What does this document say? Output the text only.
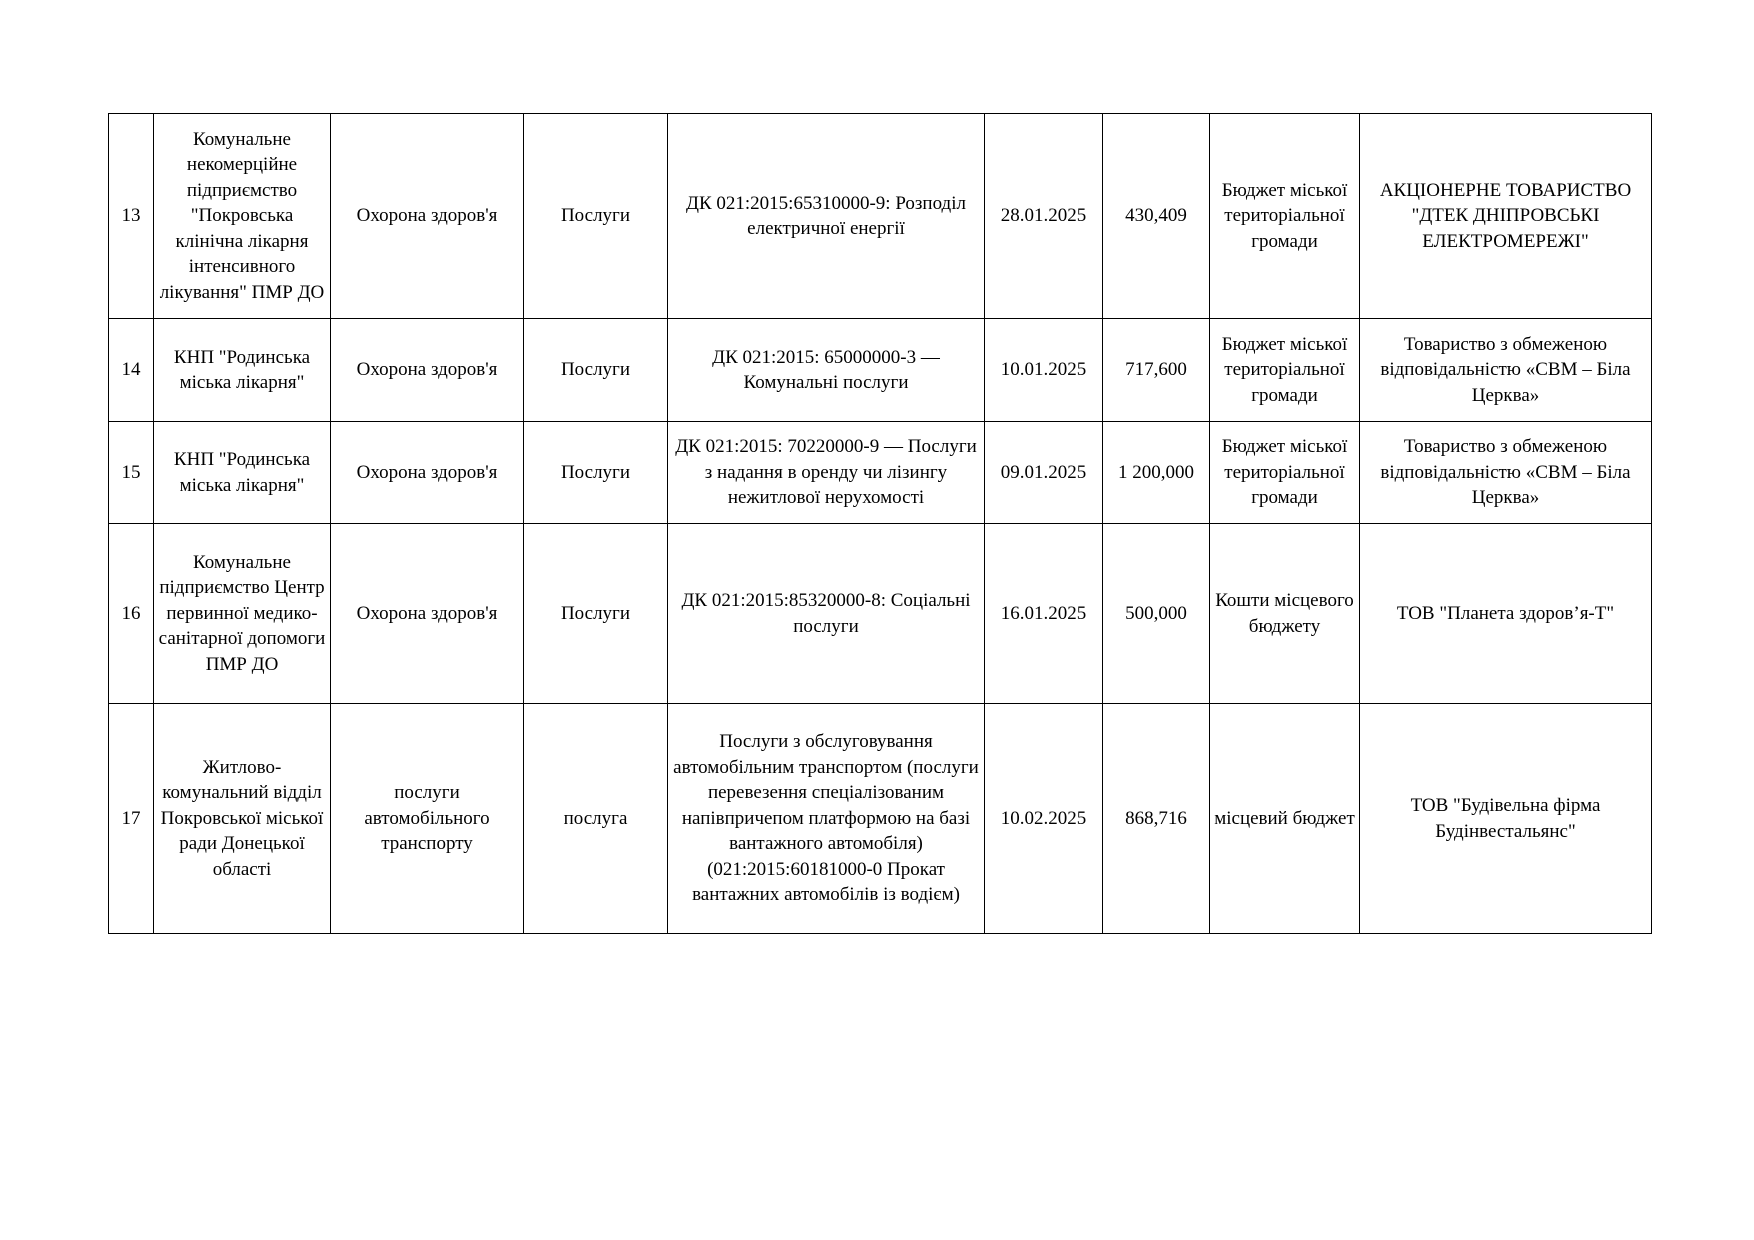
13	Комунальне некомерційне підприємство "Покровська клінічна лікарня інтенсивного лікування" ПМР ДО	Охорона здоров'я	Послуги	ДК 021:2015:65310000-9: Розподіл електричної енергії	28.01.2025	430,409	Бюджет міської територіальної громади	АКЦІОНЕРНЕ ТОВАРИСТВО "ДТЕК ДНІПРОВСЬКІ ЕЛЕКТРОМЕРЕЖІ"
14	КНП "Родинська міська лікарня"	Охорона здоров'я	Послуги	ДК 021:2015: 65000000-3 — Комунальні послуги	10.01.2025	717,600	Бюджет міської територіальної громади	Товариство з обмеженою відповідальністю «СВМ – Біла Церква»
15	КНП "Родинська міська лікарня"	Охорона здоров'я	Послуги	ДК 021:2015: 70220000-9 — Послуги з надання в оренду чи лізингу нежитлової нерухомості	09.01.2025	1 200,000	Бюджет міської територіальної громади	Товариство з обмеженою відповідальністю «СВМ – Біла Церква»
16	Комунальне підприємство Центр первинної медико-санітарної допомоги ПМР ДО	Охорона здоров'я	Послуги	ДК 021:2015:85320000-8: Соціальні послуги	16.01.2025	500,000	Кошти місцевого бюджету	ТОВ "Планета здоров’я-Т"
17	Житлово-комунальний відділ Покровської міської ради Донецької області	послуги автомобільного транспорту	послуга	Послуги з обслуговування автомобільним транспортом (послуги перевезення спеціалізованим напівпричепом платформою на базі вантажного автомобіля) (021:2015:60181000-0 Прокат вантажних автомобілів із водієм)	10.02.2025	868,716	місцевий бюджет	ТОВ "Будівельна фірма Будінвестальянс"
